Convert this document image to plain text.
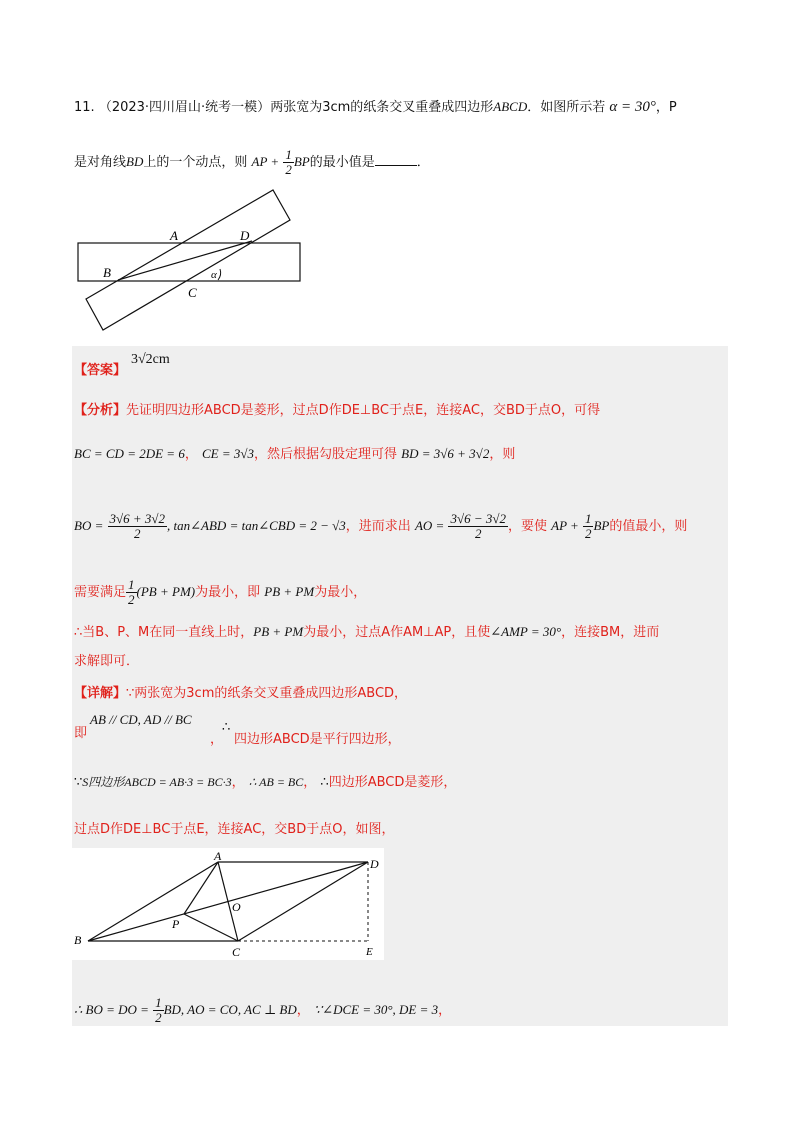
11. （2023·四川眉山·统考一模）两张宽为3cm的纸条交叉重叠成四边形ABCD．如图所示若 α = 30°，P
是对角线BD上的一个动点，则 AP + $\frac{1}{2}$ BP的最小值是	．
A	D
B
C
α
【答案】
3√2cm
【分析】先证明四边形ABCD是菱形，过点D作DE⊥BC于点E，连接AC，交BD于点O，可得
BC = CD = 2DE = 6， CE = 3√3，然后根据勾股定理可得 BD = 3√6 + 3√2，则
BO = $\frac{3√6 + 3√2}{2}$ , tan∠ABD = tan∠CBD = 2 − √3，进而求出 AO = $\frac{3√6 - 3√2}{2}$ ，要使 AP + $\frac{1}{2}$ BP的值最小，则
需要满足 $\frac{1}{2} (PB + PM)$为最小，即 PB + PM为最小，
∴当B、P、M在同一直线上时，PB + PM为最小，过点A作AM⊥AP，且使∠AMP = 30°，连接BM，进而
求解即可．
【详解】∵两张宽为3cm的纸条交叉重叠成四边形ABCD，
AB // CD, AD // BC
即	，
∴
四边形ABCD是平行四边形，
∵S四边形ABCD = AB·3 = BC·3， ∴ AB = BC， ∴四边形ABCD是菱形，
过点D作DE⊥BC于点E，连接AC，交BD于点O，如图，
A
D
O
P
B
C	E
∴ BO = DO = $\frac{1}{2}$ BD, AO = CO, AC ⊥ BD， ∵∠DCE = 30°, DE = 3，
